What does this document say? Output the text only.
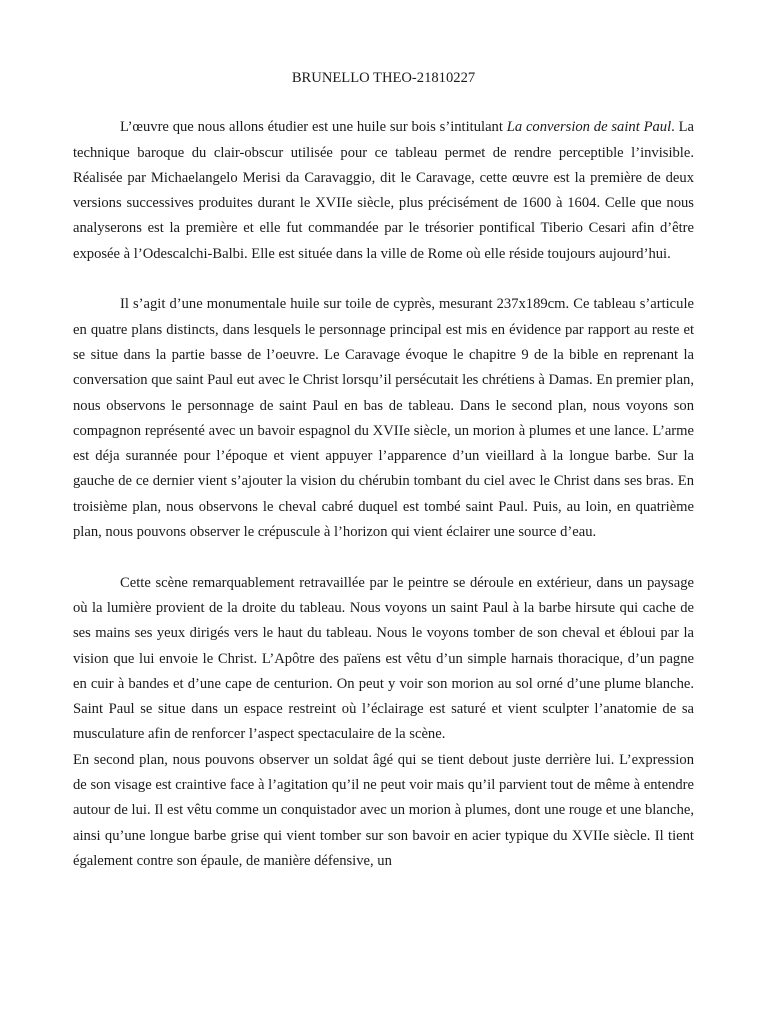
BRUNELLO THEO-21810227

L’œuvre que nous allons étudier est une huile sur bois s’intitulant La conversion de saint Paul. La technique baroque du clair-obscur utilisée pour ce tableau permet de rendre perceptible l’invisible. Réalisée par Michaelangelo Merisi da Caravaggio, dit le Caravage, cette œuvre est la première de deux versions successives produites durant le XVIIe siècle, plus précisément de 1600 à 1604. Celle que nous analyserons est la première et elle fut commandée par le trésorier pontifical Tiberio Cesari afin d’être exposée à l’Odescalchi-Balbi. Elle est située dans la ville de Rome où elle réside toujours aujourd’hui.

Il s’agit d’une monumentale huile sur toile de cyprès, mesurant 237x189cm. Ce tableau s’articule en quatre plans distincts, dans lesquels le personnage principal est mis en évidence par rapport au reste et se situe dans la partie basse de l’oeuvre. Le Caravage évoque le chapitre 9 de la bible en reprenant la conversation que saint Paul eut avec le Christ lorsqu’il persécutait les chrétiens à Damas. En premier plan, nous observons le personnage de saint Paul en bas de tableau. Dans le second plan, nous voyons son compagnon représenté avec un bavoir espagnol du XVIIe siècle, un morion à plumes et une lance. L’arme est déja surannée pour l’époque et vient appuyer l’apparence d’un vieillard à la longue barbe. Sur la gauche de ce dernier vient s’ajouter la vision du chérubin tombant du ciel avec le Christ dans ses bras. En troisième plan, nous observons le cheval cabré duquel est tombé saint Paul. Puis, au loin, en quatrième plan, nous pouvons observer le crépuscule à l’horizon qui vient éclairer une source d’eau.

Cette scène remarquablement retravaillée par le peintre se déroule en extérieur, dans un paysage où la lumière provient de la droite du tableau. Nous voyons un saint Paul à la barbe hirsute qui cache de ses mains ses yeux dirigés vers le haut du tableau. Nous le voyons tomber de son cheval et ébloui par la vision que lui envoie le Christ. L’Apôtre des païens est vêtu d’un simple harnais thoracique, d’un pagne en cuir à bandes et d’une cape de centurion. On peut y voir son morion au sol orné d’une plume blanche. Saint Paul se situe dans un espace restreint où l’éclairage est saturé et vient sculpter l’anatomie de sa musculature afin de renforcer l’aspect spectaculaire de la scène.

En second plan, nous pouvons observer un soldat âgé qui se tient debout juste derrière lui. L’expression de son visage est craintive face à l’agitation qu’il ne peut voir mais qu’il parvient tout de même à entendre autour de lui. Il est vêtu comme un conquistador avec un morion à plumes, dont une rouge et une blanche, ainsi qu’une longue barbe grise qui vient tomber sur son bavoir en acier typique du XVIIe siècle. Il tient également contre son épaule, de manière défensive, un
